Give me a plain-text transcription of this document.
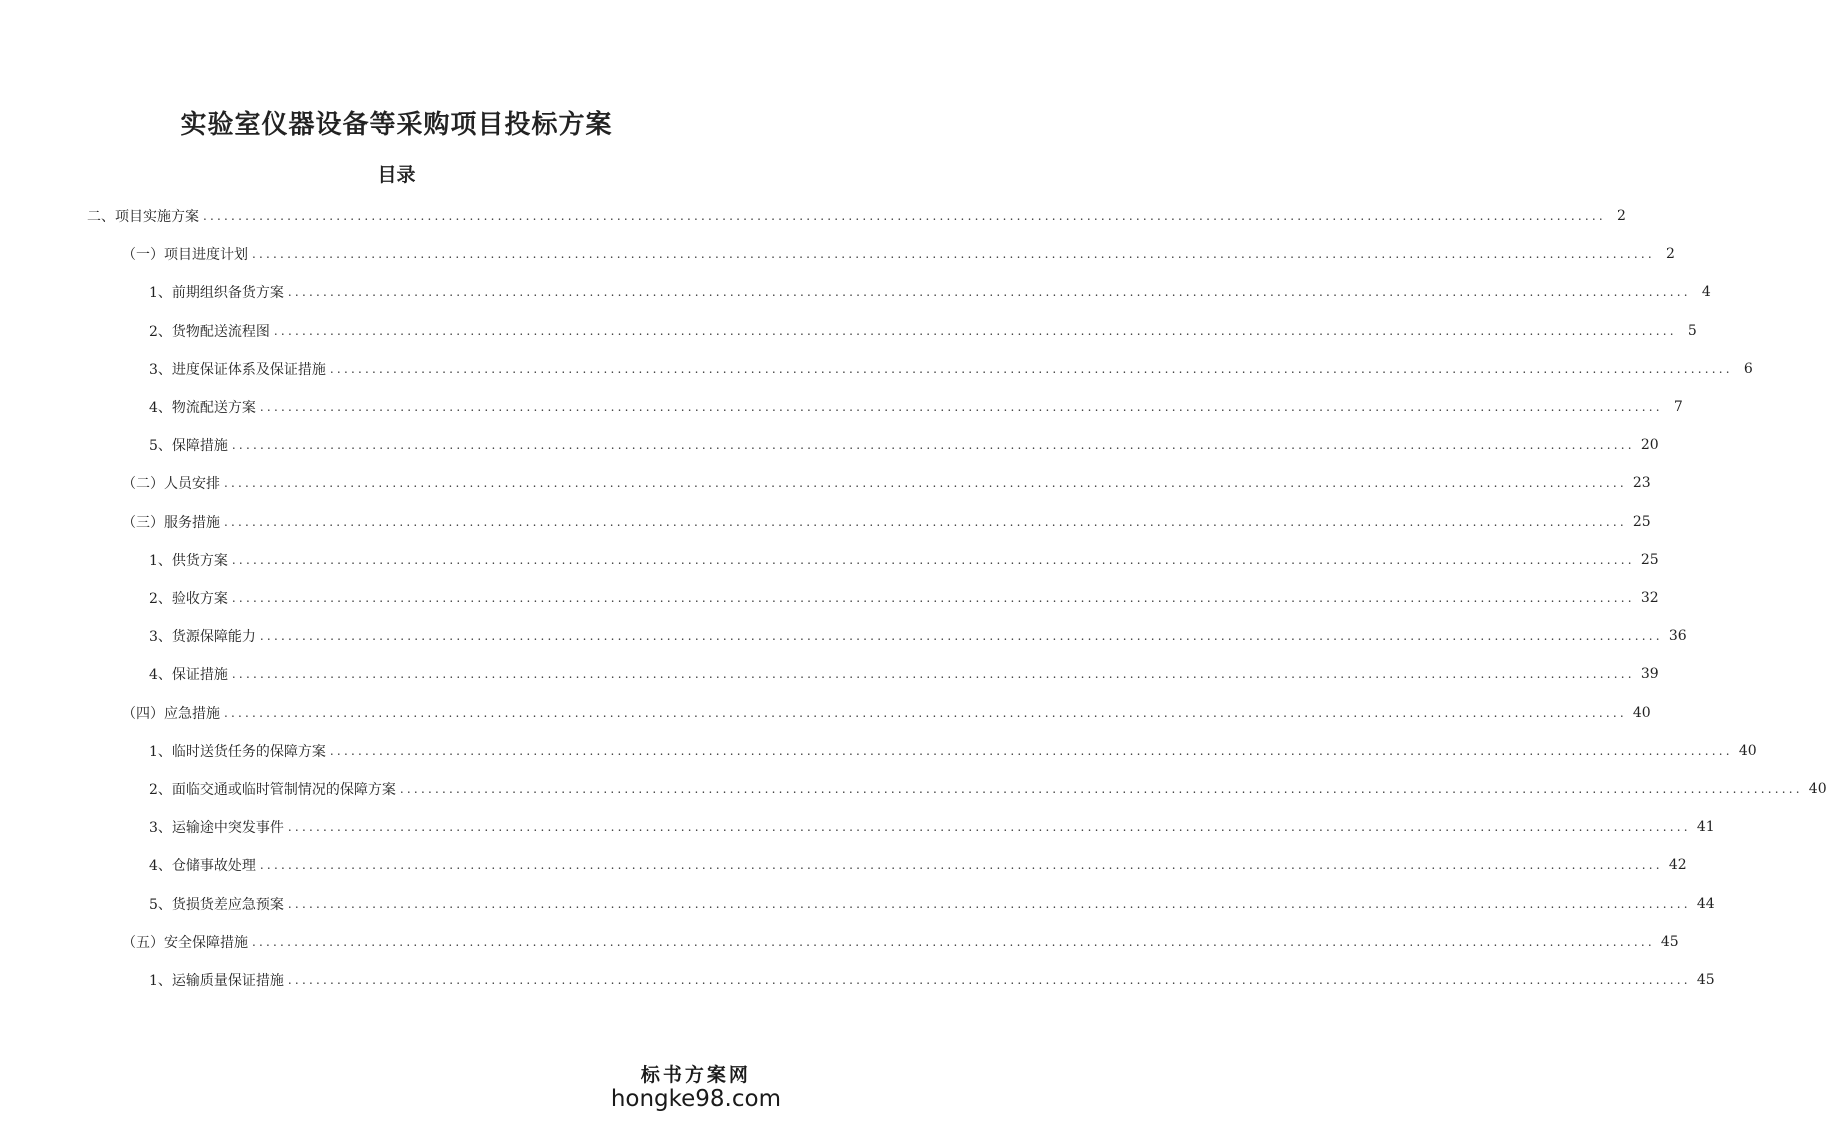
实验室仪器设备等采购项目投标方案
目录
二、项目实施方案 ........................................................................................................................................................................................................ 2
（一）项目进度计划 ........................................................................................................................................................................................................ 2
1、前期组织备货方案 ........................................................................................................................................................................................................ 4
2、货物配送流程图 ........................................................................................................................................................................................................ 5
3、进度保证体系及保证措施 ........................................................................................................................................................................................................ 6
4、物流配送方案 ........................................................................................................................................................................................................ 7
5、保障措施 ........................................................................................................................................................................................................ 20
（二）人员安排 ........................................................................................................................................................................................................ 23
（三）服务措施 ........................................................................................................................................................................................................ 25
1、供货方案 ........................................................................................................................................................................................................ 25
2、验收方案 ........................................................................................................................................................................................................ 32
3、货源保障能力 ........................................................................................................................................................................................................ 36
4、保证措施 ........................................................................................................................................................................................................ 39
（四）应急措施 ........................................................................................................................................................................................................ 40
1、临时送货任务的保障方案 ........................................................................................................................................................................................................ 40
2、面临交通或临时管制情况的保障方案 ........................................................................................................................................................................................................ 40
3、运输途中突发事件 ........................................................................................................................................................................................................ 41
4、仓储事故处理 ........................................................................................................................................................................................................ 42
5、货损货差应急预案 ........................................................................................................................................................................................................ 44
（五）安全保障措施 ........................................................................................................................................................................................................ 45
1、运输质量保证措施 ........................................................................................................................................................................................................ 45
标书方案网
hongke98.com
